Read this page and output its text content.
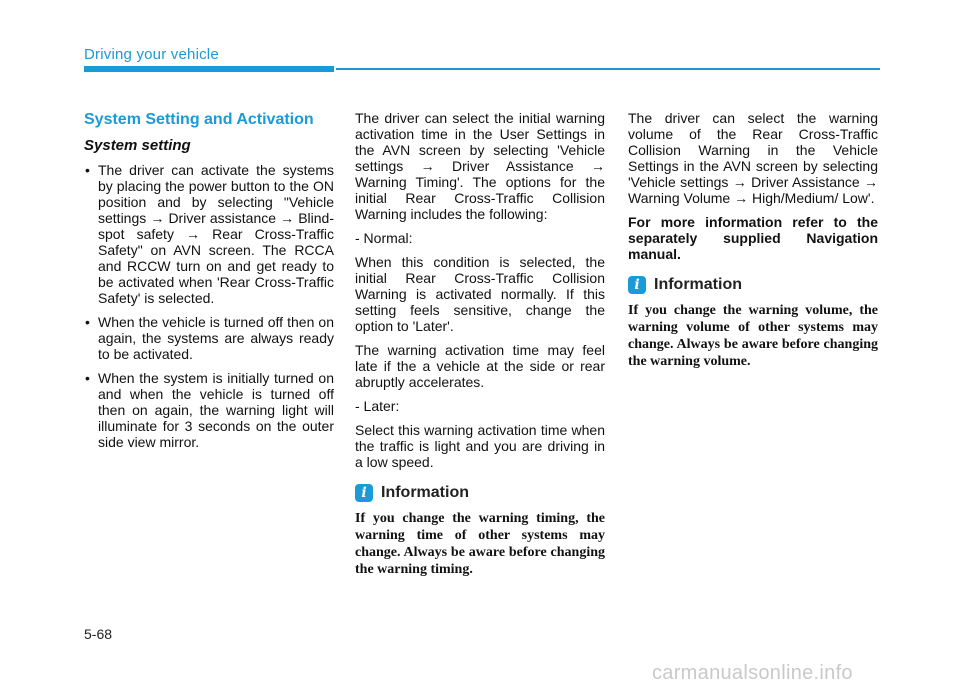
Driving your vehicle
System Setting and Activation
System setting
• The driver can activate the systems by placing the power button to the ON position and by selecting "Vehicle settings → Driver assistance → Blind-spot safety → Rear Cross-Traffic Safety" on AVN screen. The RCCA and RCCW turn on and get ready to be activated when 'Rear Cross-Traffic Safety' is selected.
• When the vehicle is turned off then on again, the systems are always ready to be activated.
• When the system is initially turned on and when the vehicle is turned off then on again, the warning light will illuminate for 3 seconds on the outer side view mirror.

The driver can select the initial warning activation time in the User Settings in the AVN screen by selecting 'Vehicle settings → Driver Assistance → Warning Timing'. The options for the initial Rear Cross-Traffic Collision Warning includes the following:

- Normal:

When this condition is selected, the initial Rear Cross-Traffic Collision Warning is activated normally. If this setting feels sensitive, change the option to 'Later'.

The warning activation time may feel late if the a vehicle at the side or rear abruptly accelerates.

- Later:

Select this warning activation time when the traffic is light and you are driving in a low speed.

i Information

If you change the warning timing, the warning time of other systems may change. Always be aware before changing the warning timing.

The driver can select the warning volume of the Rear Cross-Traffic Collision Warning in the Vehicle Settings in the AVN screen by selecting 'Vehicle settings → Driver Assistance → Warning Volume → High/Medium/ Low'.

For more information refer to the separately supplied Navigation manual.

i Information

If you change the warning volume, the warning volume of other systems may change. Always be aware before changing the warning volume.

5-68
carmanualsonline.info
